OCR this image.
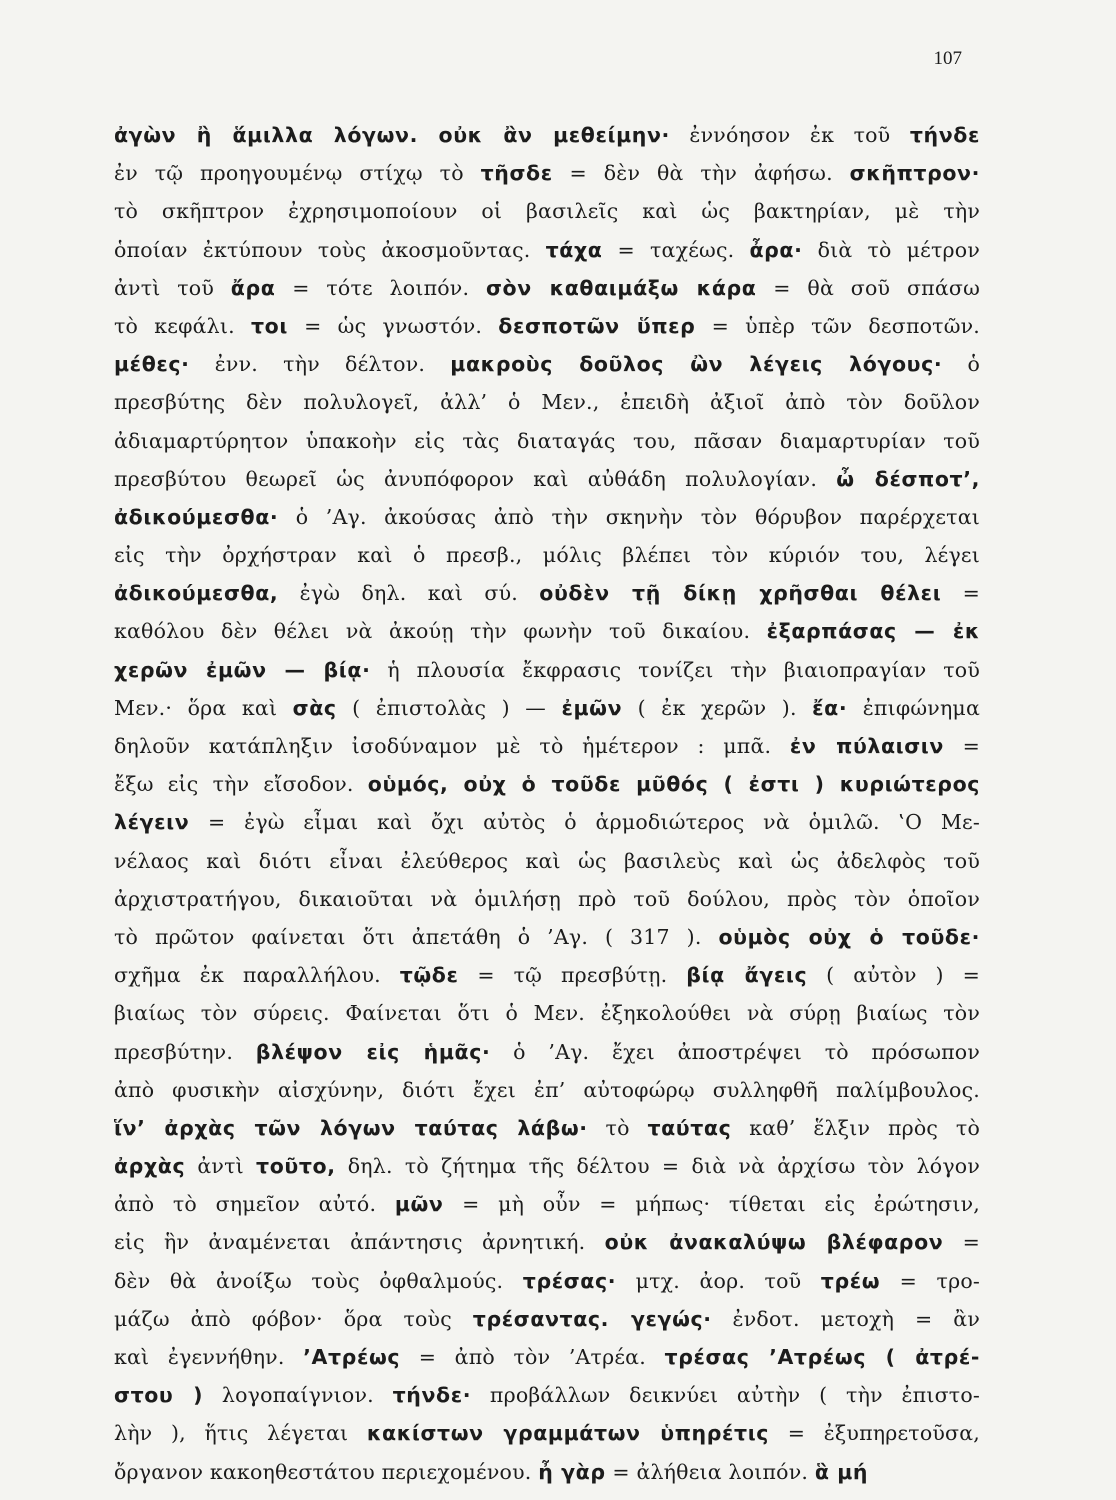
107
ἀγὼν ἢ ἅμιλλα λόγων. οὐκ ἂν μεθείμην· ἐννόησον ἐκ τοῦ τήνδε
ἐν τῷ προηγουμένῳ στίχῳ τὸ τῆσδε = δὲν θὰ τὴν ἀφήσω. σκῆπτρον·
τὸ σκῆπτρον ἐχρησιμοποίουν οἱ βασιλεῖς καὶ ὡς βακτηρίαν, μὲ τὴν
ὁποίαν ἐκτύπουν τοὺς ἀκοσμοῦντας. τάχα = ταχέως. ἆρα· διὰ τὸ μέτρον
ἀντὶ τοῦ ἄρα = τότε λοιπόν. σὸν καθαιμάξω κάρα = θὰ σοῦ σπάσω
τὸ κεφάλι. τοι = ὡς γνωστόν. δεσποτῶν ὕπερ = ὑπὲρ τῶν δεσποτῶν.
μέθες· ἐνν. τὴν δέλτον. μακροὺς δοῦλος ὢν λέγεις λόγους· ὁ
πρεσβύτης δὲν πολυλογεῖ, ἀλλ’ ὁ Μεν., ἐπειδὴ ἀξιοῖ ἀπὸ τὸν δοῦλον
ἀδιαμαρτύρητον ὑπακοὴν εἰς τὰς διαταγάς του, πᾶσαν διαμαρτυρίαν τοῦ
πρεσβύτου θεωρεῖ ὡς ἀνυπόφορον καὶ αὐθάδη πολυλογίαν. ὦ δέσποτ’,
ἀδικούμεσθα· ὁ ’Αγ. ἀκούσας ἀπὸ τὴν σκηνὴν τὸν θόρυβον παρέρχεται
εἰς τὴν ὀρχήστραν καὶ ὁ πρεσβ., μόλις βλέπει τὸν κύριόν του, λέγει
ἀδικούμεσθα, ἐγὼ δηλ. καὶ σύ. οὐδὲν τῇ δίκῃ χρῆσθαι θέλει =
καθόλου δὲν θέλει νὰ ἀκούῃ τὴν φωνὴν τοῦ δικαίου. ἐξαρπάσας — ἐκ
χερῶν ἐμῶν — βίᾳ· ἡ πλουσία ἔκφρασις τονίζει τὴν βιαιοπραγίαν τοῦ
Μεν.· ὅρα καὶ σὰς ( ἐπιστολὰς ) — ἐμῶν ( ἐκ χερῶν ). ἔα· ἐπιφώνημα
δηλοῦν κατάπληξιν ἰσοδύναμον μὲ τὸ ἡμέτερον : μπᾶ. ἐν πύλαισιν =
ἔξω εἰς τὴν εἴσοδον. οὑμός, οὐχ ὁ τοῦδε μῦθός ( ἐστι ) κυριώτερος
λέγειν = ἐγὼ εἶμαι καὶ ὄχι αὐτὸς ὁ ἁρμοδιώτερος νὰ ὁμιλῶ. ‛Ο Με-
νέλαος καὶ διότι εἶναι ἐλεύθερος καὶ ὡς βασιλεὺς καὶ ὡς ἀδελφὸς τοῦ
ἀρχιστρατήγου, δικαιοῦται νὰ ὁμιλήσῃ πρὸ τοῦ δούλου, πρὸς τὸν ὁποῖον
τὸ πρῶτον φαίνεται ὅτι ἀπετάθη ὁ ’Αγ. ( 317 ). οὑμὸς οὐχ ὁ τοῦδε·
σχῆμα ἐκ παραλλήλου. τῷδε = τῷ πρεσβύτῃ. βίᾳ ἄγεις ( αὐτὸν ) =
βιαίως τὸν σύρεις. Φαίνεται ὅτι ὁ Μεν. ἐξηκολούθει νὰ σύρῃ βιαίως τὸν
πρεσβύτην. βλέψον εἰς ἡμᾶς· ὁ ’Αγ. ἔχει ἀποστρέψει τὸ πρόσωπον
ἀπὸ φυσικὴν αἰσχύνην, διότι ἔχει ἐπ’ αὐτοφώρῳ συλληφθῆ παλίμβουλος.
ἵν’ ἀρχὰς τῶν λόγων ταύτας λάβω· τὸ ταύτας καθ’ ἕλξιν πρὸς τὸ
ἀρχὰς ἀντὶ τοῦτο, δηλ. τὸ ζήτημα τῆς δέλτου = διὰ νὰ ἀρχίσω τὸν λόγον
ἀπὸ τὸ σημεῖον αὐτό. μῶν = μὴ οὖν = μήπως· τίθεται εἰς ἐρώτησιν,
εἰς ἣν ἀναμένεται ἀπάντησις ἀρνητική. οὐκ ἀνακαλύψω βλέφαρον =
δὲν θὰ ἀνοίξω τοὺς ὀφθαλμούς. τρέσας· μτχ. ἀορ. τοῦ τρέω = τρο-
μάζω ἀπὸ φόβον· ὅρα τοὺς τρέσαντας. γεγώς· ἐνδοτ. μετοχὴ = ἂν
καὶ ἐγεννήθην. ’Ατρέως = ἀπὸ τὸν ’Ατρέα. τρέσας ’Ατρέως ( ἀτρέ-
στου ) λογοπαίγνιον. τήνδε· προβάλλων δεικνύει αὐτὴν ( τὴν ἐπιστο-
λὴν ), ἥτις λέγεται κακίστων γραμμάτων ὑπηρέτις = ἐξυπηρετοῦσα,
ὄργανον κακοηθεστάτου περιεχομένου. ἦ γὰρ = ἀλήθεια λοιπόν. ἃ μή
